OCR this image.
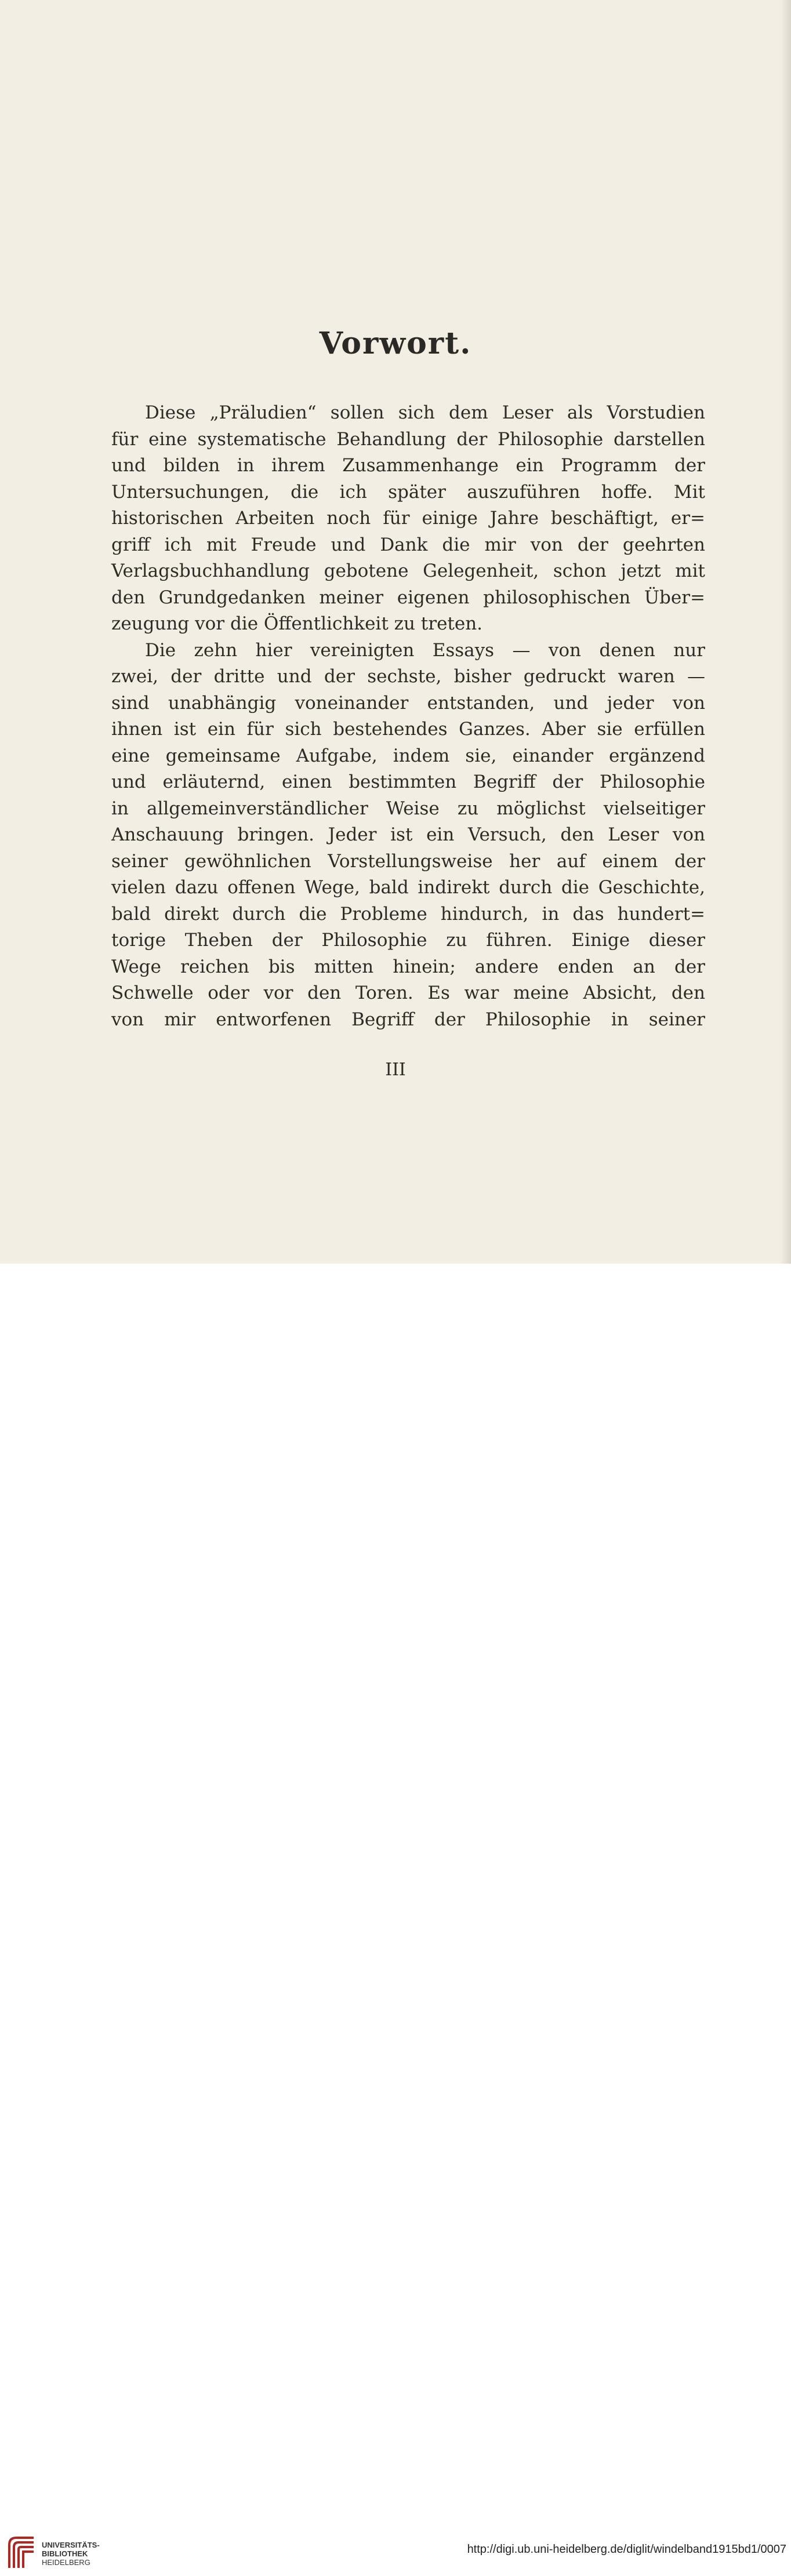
Vorwort.
Diese „Präludien“ sollen sich dem Leser als Vorstudien
für eine systematische Behandlung der Philosophie darstellen
und bilden in ihrem Zusammenhange ein Programm der
Untersuchungen, die ich später auszuführen hoffe. Mit
historischen Arbeiten noch für einige Jahre beschäftigt, er=
griff ich mit Freude und Dank die mir von der geehrten
Verlagsbuchhandlung gebotene Gelegenheit, schon jetzt mit
den Grundgedanken meiner eigenen philosophischen Über=
zeugung vor die Öffentlichkeit zu treten.
Die zehn hier vereinigten Essays — von denen nur
zwei, der dritte und der sechste, bisher gedruckt waren —
sind unabhängig voneinander entstanden, und jeder von
ihnen ist ein für sich bestehendes Ganzes. Aber sie erfüllen
eine gemeinsame Aufgabe, indem sie, einander ergänzend
und erläuternd, einen bestimmten Begriff der Philosophie
in allgemeinverständlicher Weise zu möglichst vielseitiger
Anschauung bringen. Jeder ist ein Versuch, den Leser von
seiner gewöhnlichen Vorstellungsweise her auf einem der
vielen dazu offenen Wege, bald indirekt durch die Geschichte,
bald direkt durch die Probleme hindurch, in das hundert=
torige Theben der Philosophie zu führen. Einige dieser
Wege reichen bis mitten hinein; andere enden an der
Schwelle oder vor den Toren. Es war meine Absicht, den
von mir entworfenen Begriff der Philosophie in seiner
III
UNIVERSITÄTS-
BIBLIOTHEK
HEIDELBERG
http://digi.ub.uni-heidelberg.de/diglit/windelband1915bd1/0007
